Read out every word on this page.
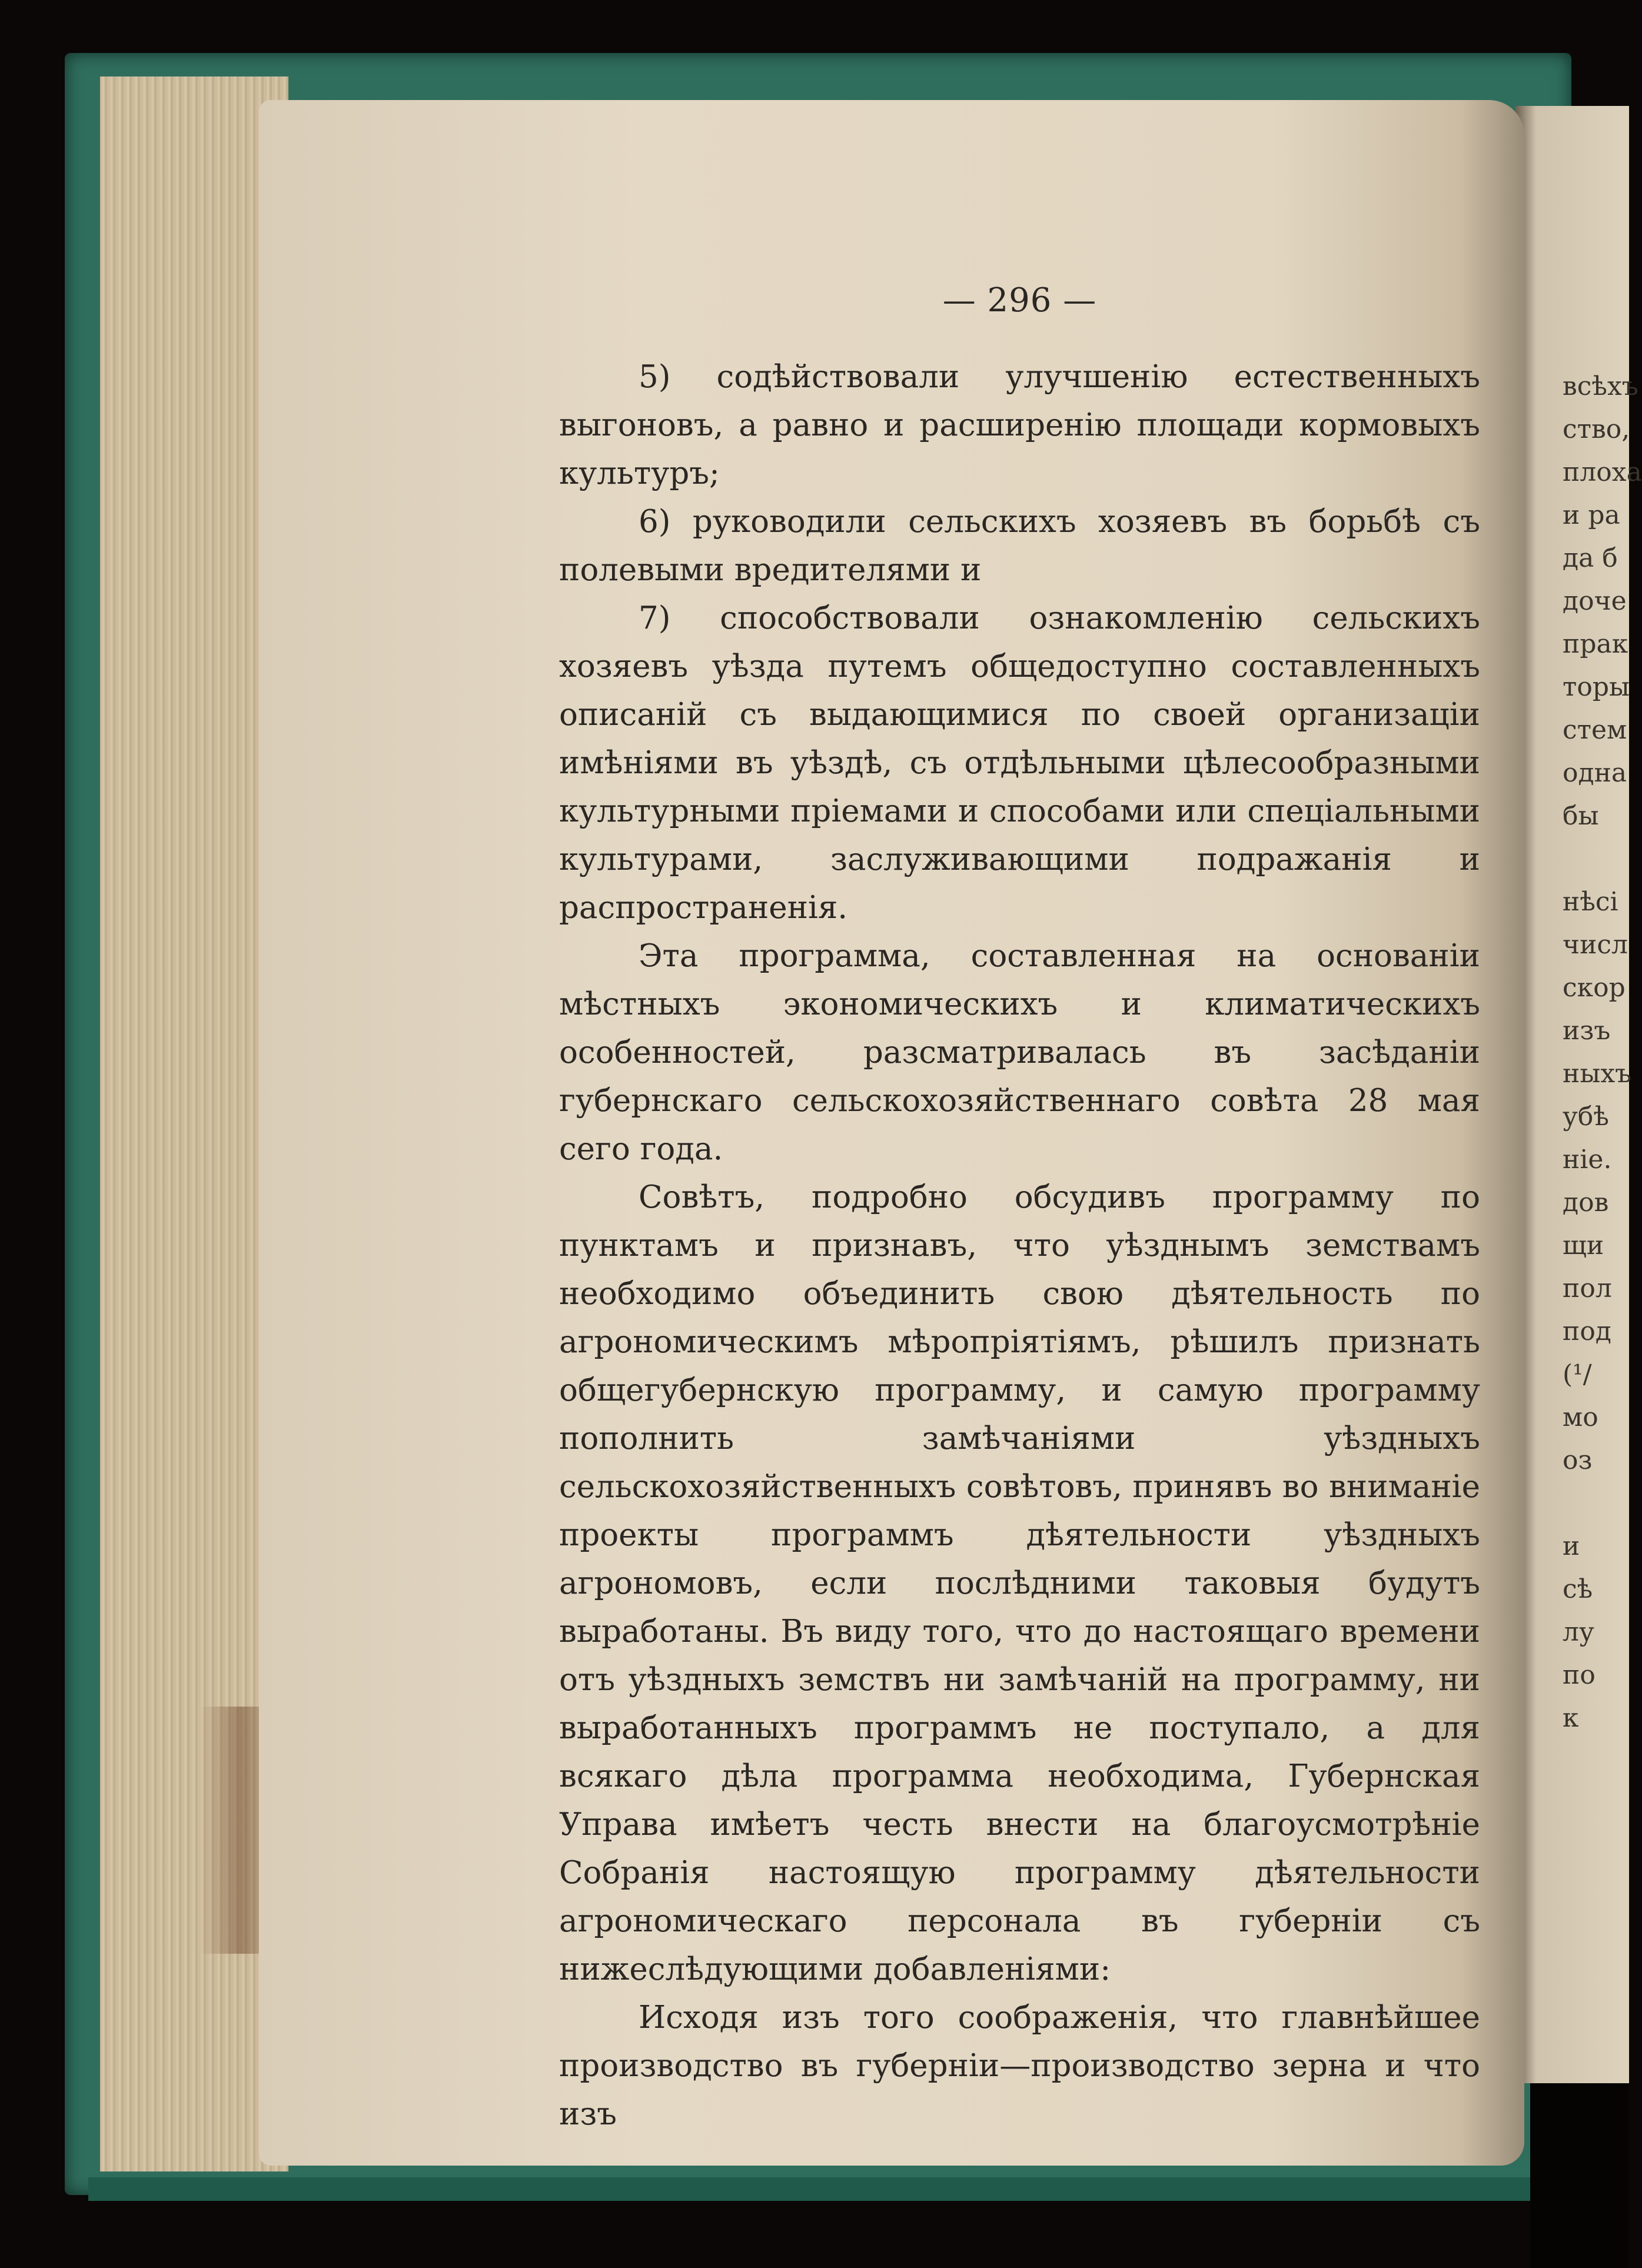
— 296 —

5) содѣйствовали улучшенію естественныхъ выгоновъ, а равно и расширенію площади кормовыхъ культуръ;

6) руководили сельскихъ хозяевъ въ борьбѣ съ полевыми вредителями и

7) способствовали ознакомленію сельскихъ хозяевъ уѣзда путемъ общедоступно составленныхъ описаній съ выдающимися по своей организаціи имѣніями въ уѣздѣ, съ отдѣльными цѣлесообразными культурными пріемами и способами или спеціальными культурами, заслуживающими подражанія и распространенія.

Эта программа, составленная на основаніи мѣстныхъ экономическихъ и климатическихъ особенностей, разсматривалась въ засѣданіи губернскаго сельскохозяйственнаго совѣта 28 мая сего года.

Совѣтъ, подробно обсудивъ программу по пунктамъ и признавъ, что уѣзднымъ земствамъ необходимо объединить свою дѣятельность по агрономическимъ мѣропріятіямъ, рѣшилъ признать общегубернскую программу, и самую программу пополнить замѣчаніями уѣздныхъ сельскохозяйственныхъ совѣтовъ, принявъ во вниманіе проекты программъ дѣятельности уѣздныхъ агрономовъ, если послѣдними таковыя будутъ выработаны. Въ виду того, что до настоящаго времени отъ уѣздныхъ земствъ ни замѣчаній на программу, ни выработанныхъ программъ не поступало, а для всякаго дѣла программа необходима, Губернская Управа имѣетъ честь внести на благоусмотрѣніе Собранія настоящую программу дѣятельности агрономическаго персонала въ губерніи съ нижеслѣдующими добавленіями:

Исходя изъ того соображенія, что главнѣйшее производство въ губерніи—производство зерна и что изъ

всѣхъ
ство,
плоха
и ра
да б
доче
прак
торы
стем
одна
бы
нѣсі
числ
скор
изъ
ныхъ
убѣ
ніе.
дов
щи
пол
под
(¹/
мо
оз
и
сѣ
лу
по
к
